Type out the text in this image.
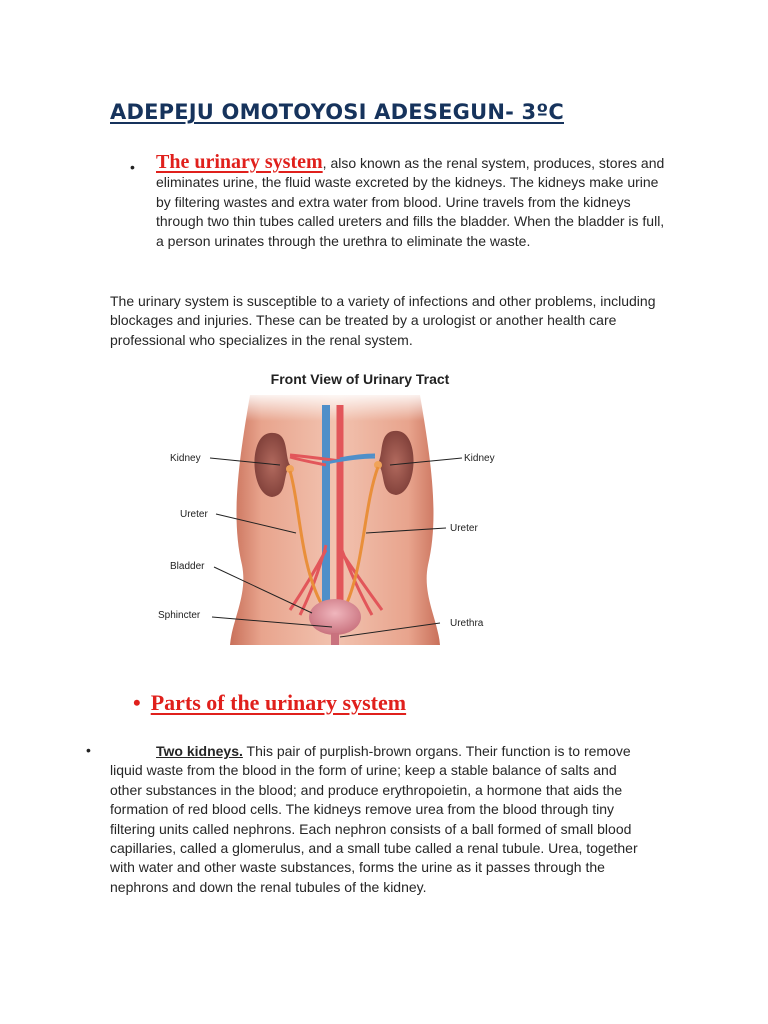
ADEPEJU OMOTOYOSI ADESEGUN- 3ºC
• The urinary system, also known as the renal system, produces, stores and eliminates urine, the fluid waste excreted by the kidneys. The kidneys make urine by filtering wastes and extra water from blood. Urine travels from the kidneys through two thin tubes called ureters and fills the bladder. When the bladder is full, a person urinates through the urethra to eliminate the waste.

The urinary system is susceptible to a variety of infections and other problems, including blockages and injuries. These can be treated by a urologist or another health care professional who specializes in the renal system.

Front View of Urinary Tract
Kidney	Kidney
Ureter
Ureter
Bladder
Sphincter
Urethra
• Parts of the urinary system
•	Two kidneys. This pair of purplish-brown organs. Their function is to remove liquid waste from the blood in the form of urine; keep a stable balance of salts and other substances in the blood; and produce erythropoietin, a hormone that aids the formation of red blood cells. The kidneys remove urea from the blood through tiny filtering units called nephrons. Each nephron consists of a ball formed of small blood capillaries, called a glomerulus, and a small tube called a renal tubule. Urea, together with water and other waste substances, forms the urine as it passes through the nephrons and down the renal tubules of the kidney.
